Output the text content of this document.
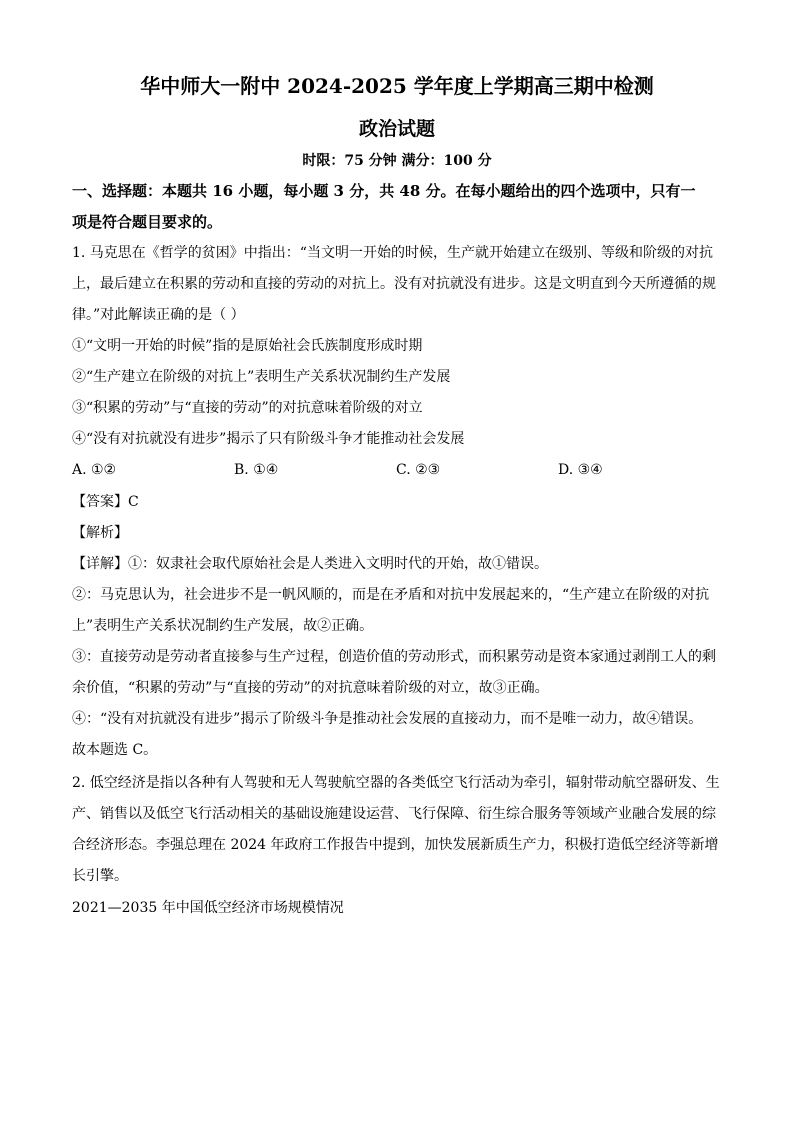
华中师大一附中 2024-2025 学年度上学期高三期中检测
政治试题
时限：75 分钟 满分：100 分
一、选择题：本题共 16 小题，每小题 3 分，共 48 分。在每小题给出的四个选项中，只有一
项是符合题目要求的。
1. 马克思在《哲学的贫困》中指出：“当文明一开始的时候，生产就开始建立在级别、等级和阶级的对抗
上，最后建立在积累的劳动和直接的劳动的对抗上。没有对抗就没有进步。这是文明直到今天所遵循的规
律。”对此解读正确的是（ ）
①“文明一开始的时候”指的是原始社会氏族制度形成时期
②“生产建立在阶级的对抗上”表明生产关系状况制约生产发展
③“积累的劳动”与“直接的劳动”的对抗意味着阶级的对立
④“没有对抗就没有进步”揭示了只有阶级斗争才能推动社会发展
A. ①②	B. ①④	C. ②③	D. ③④
【答案】C
【解析】
【详解】①：奴隶社会取代原始社会是人类进入文明时代的开始，故①错误。
②：马克思认为，社会进步不是一帆风顺的，而是在矛盾和对抗中发展起来的，“生产建立在阶级的对抗
上”表明生产关系状况制约生产发展，故②正确。
③：直接劳动是劳动者直接参与生产过程，创造价值的劳动形式，而积累劳动是资本家通过剥削工人的剩
余价值，“积累的劳动”与“直接的劳动”的对抗意味着阶级的对立，故③正确。
④：“没有对抗就没有进步”揭示了阶级斗争是推动社会发展的直接动力，而不是唯一动力，故④错误。
故本题选 C。
2. 低空经济是指以各种有人驾驶和无人驾驶航空器的各类低空飞行活动为牵引，辐射带动航空器研发、生
产、销售以及低空飞行活动相关的基础设施建设运营、飞行保障、衍生综合服务等领域产业融合发展的综
合经济形态。李强总理在 2024 年政府工作报告中提到，加快发展新质生产力，积极打造低空经济等新增
长引擎。
2021—2035 年中国低空经济市场规模情况
